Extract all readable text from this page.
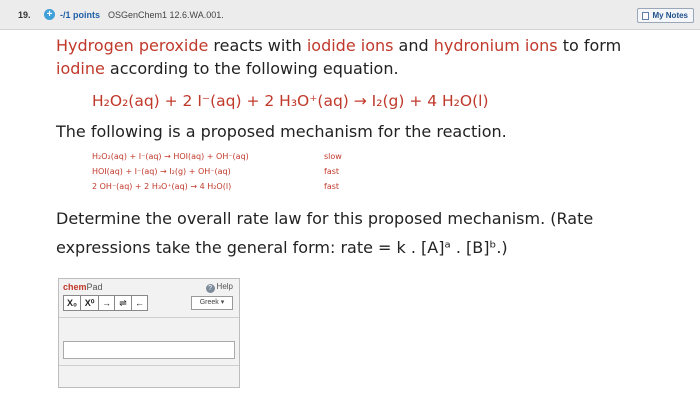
19.	+ -/1 points OSGenChem1 12.6.WA.001.	My Notes
Hydrogen peroxide reacts with iodide ions and hydronium ions to form
iodine according to the following equation.
H₂O₂(aq) + 2 I⁻(aq) + 2 H₃O⁺(aq) → I₂(g) + 4 H₂O(l)
The following is a proposed mechanism for the reaction.
H₂O₂(aq) + I⁻(aq) → HOI(aq) + OH⁻(aq)	slow
HOI(aq) + I⁻(aq) → I₂(g) + OH⁻(aq)	fast
2 OH⁻(aq) + 2 H₃O⁺(aq) → 4 H₂O(l)	fast
Determine the overall rate law for this proposed mechanism. (Rate
expressions take the general form: rate = k . [A]ᵃ . [B]ᵇ.)
chemPad	? Help
X₀ X⁰ → ⇌ ←	Greek ▾
